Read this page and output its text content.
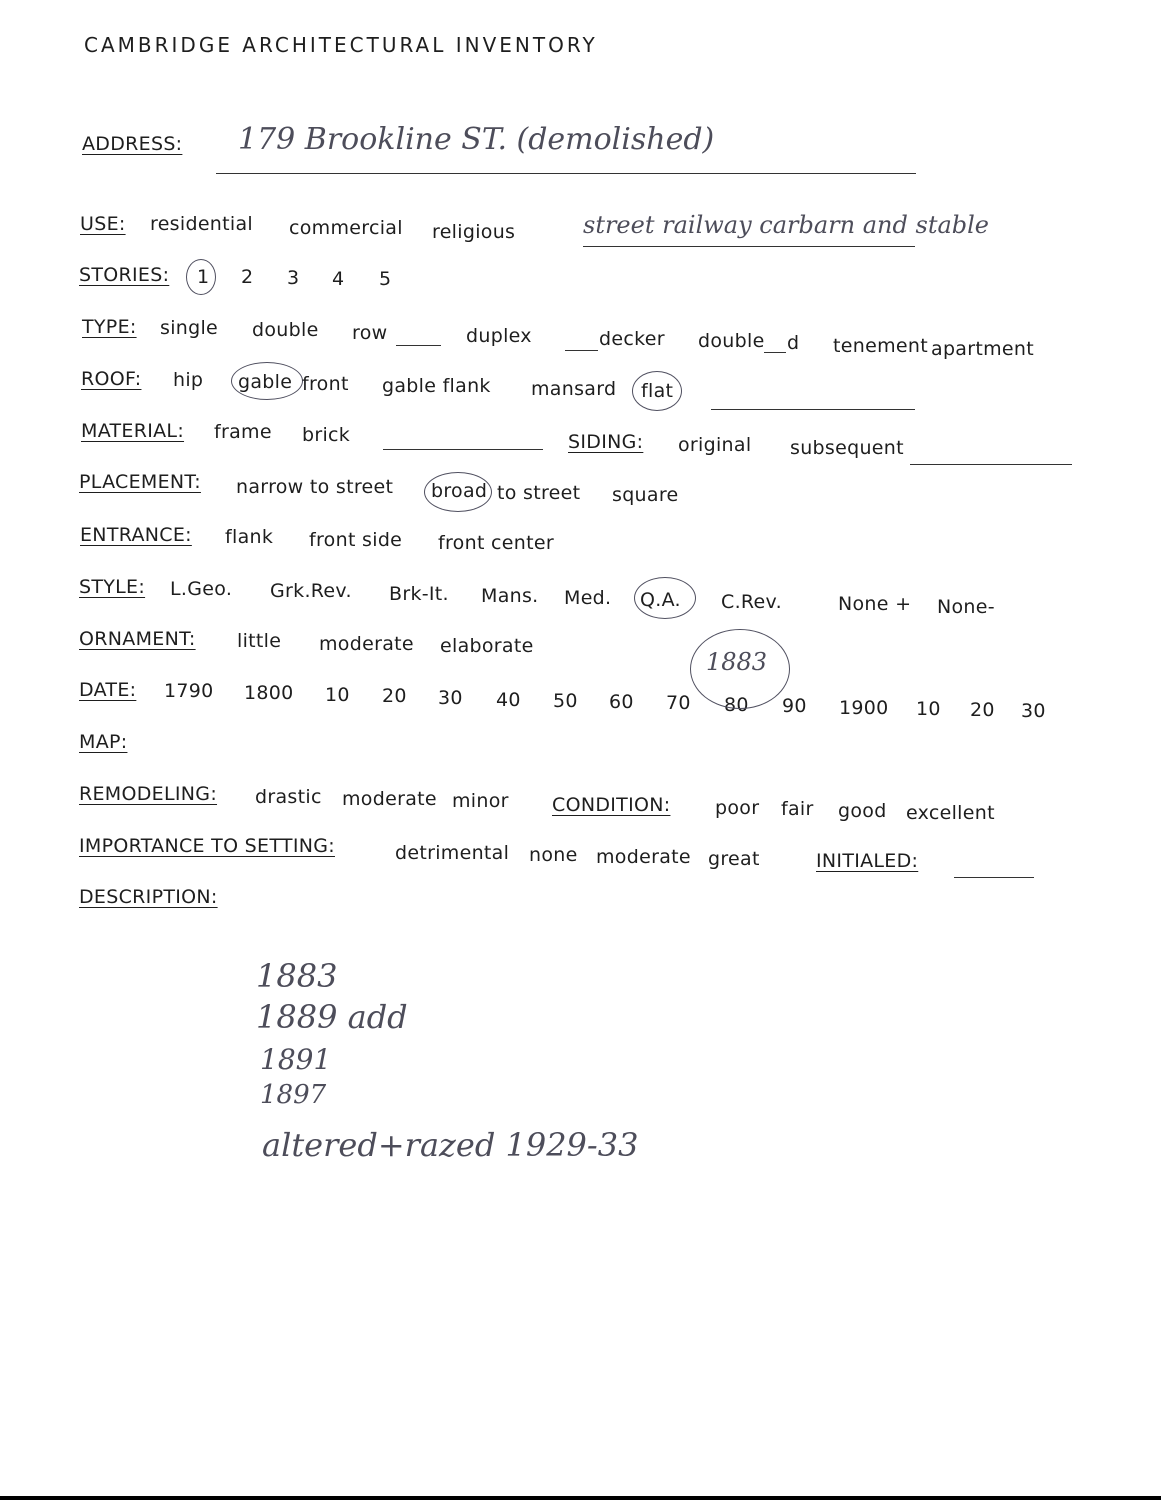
CAMBRIDGE ARCHITECTURAL INVENTORY
ADDRESS: 179 Brookline ST. (demolished)
USE: residential commercial religious	street railway carbarn and stable
STORIES: 1 2 3 4 5
TYPE: single double row	duplex	decker double d tenement apartment
ROOF: hip gable front gable flank mansard flat
MATERIAL: frame brick	SIDING: original subsequent
PLACEMENT: narrow to street broad to street square
ENTRANCE: flank front side front center
STYLE: L.Geo. Grk.Rev. Brk-It. Mans. Med. Q.A. C.Rev.	None + None-
ORNAMENT: little moderate elaborate
DATE: 1790 1800 10 20 30 40 50 60 70 80 90 1900 10 20 30
1883
MAP:
REMODELING: drastic moderate minor CONDITION: poor fair good excellent
IMPORTANCE TO SETTING:	detrimental none moderate great	INITIALED:
DESCRIPTION:
1883
1889 add
1891
1897
altered+razed 1929-33
